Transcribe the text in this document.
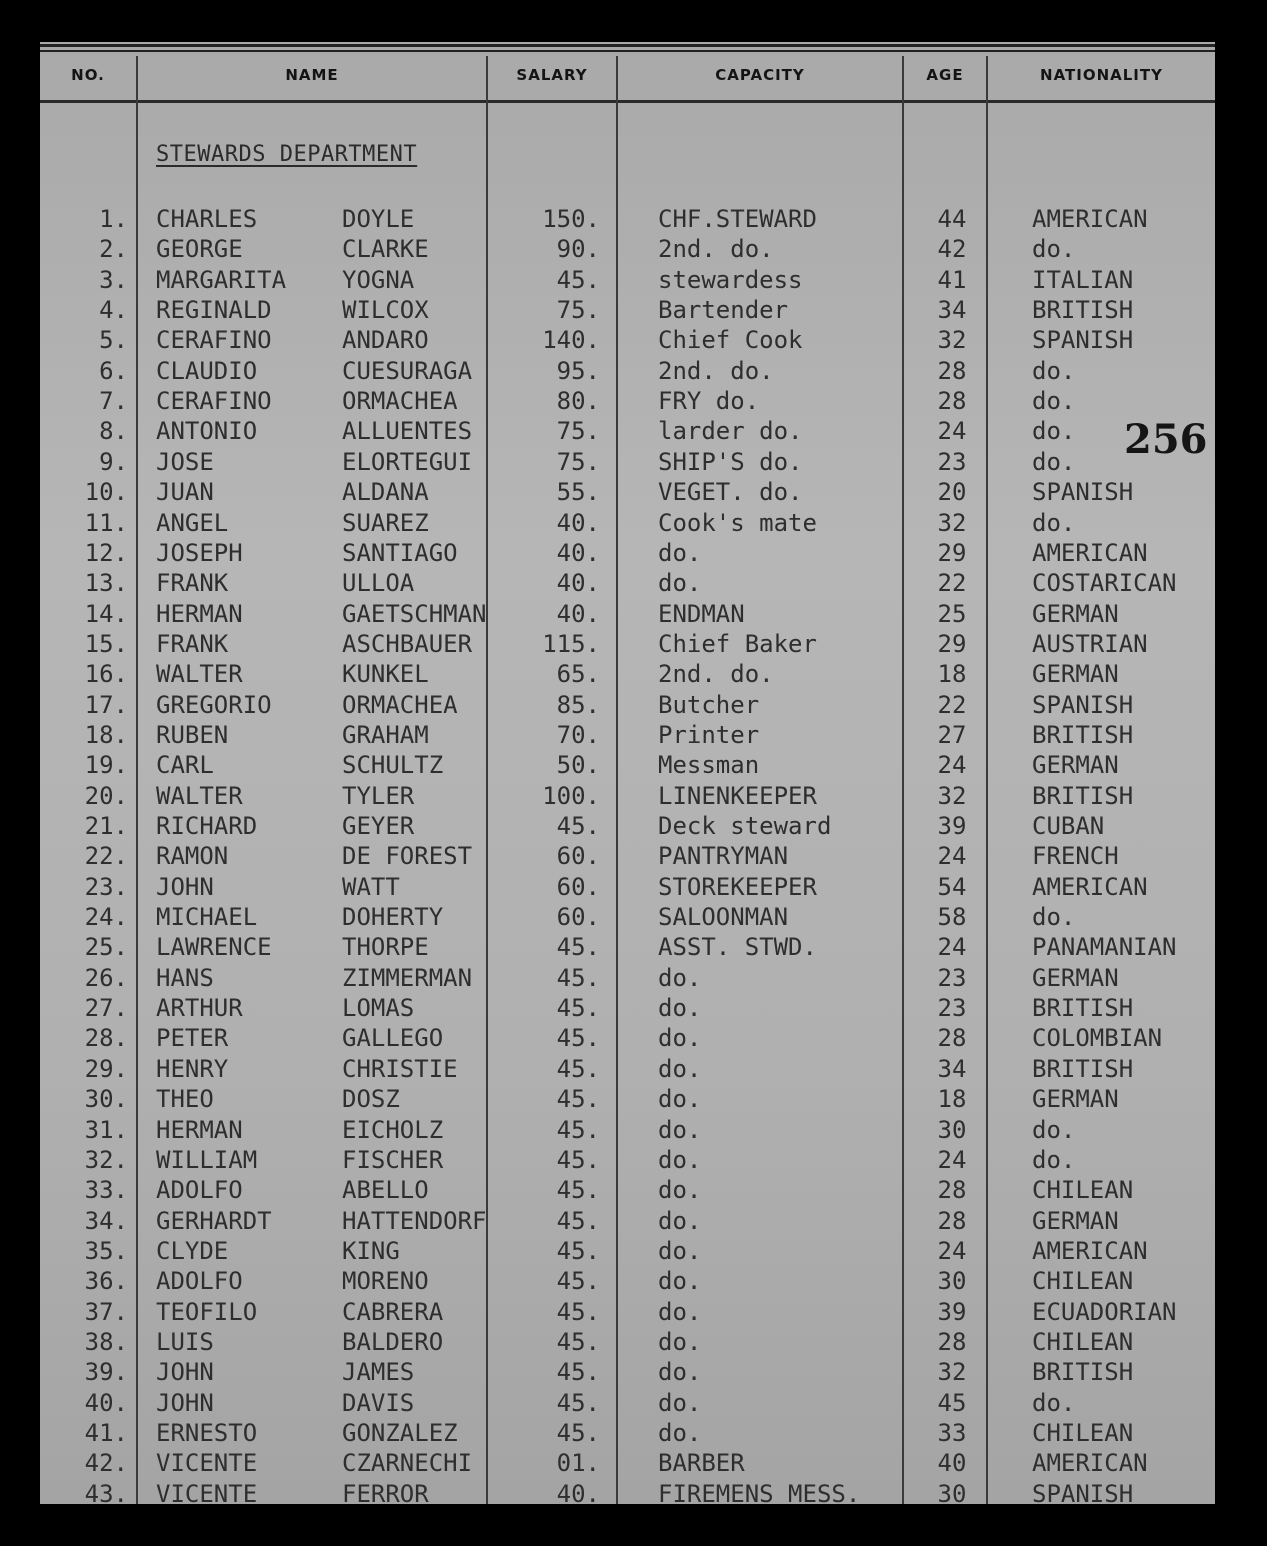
NO.	NAME	SALARY	CAPACITY	AGE	NATIONALITY
STEWARDS DEPARTMENT
256
1. CHARLES	DOYLE	150. CHF.STEWARD	44	AMERICAN
2. GEORGE	CLARKE	90. 2nd. do.	42	do.
3. MARGARITA YOGNA	45. stewardess	41	ITALIAN
4. REGINALD	WILCOX	75. Bartender	34	BRITISH
5. CERAFINO	ANDARO	140. Chief Cook	32	SPANISH
6. CLAUDIO	CUESURAGA	95. 2nd. do.	28	do.
7. CERAFINO	ORMACHEA	80. FRY do.	28	do.
8. ANTONIO	ALLUENTES	75. larder do.	24	do.
9. JOSE	ELORTEGUI	75. SHIP'S do.	23	do.
10. JUAN	ALDANA	55. VEGET. do.	20	SPANISH
11. ANGEL	SUAREZ	40. Cook's mate	32	do.
12. JOSEPH	SANTIAGO	40. do.	29	AMERICAN
13. FRANK	ULLOA	40. do.	22	COSTARICAN
14. HERMAN	GAETSCHMAN	40. ENDMAN	25	GERMAN
15. FRANK	ASCHBAUER	115. Chief Baker	29	AUSTRIAN
16. WALTER	KUNKEL	65. 2nd. do.	18	GERMAN
17. GREGORIO	ORMACHEA	85. Butcher	22	SPANISH
18. RUBEN	GRAHAM	70. Printer	27	BRITISH
19. CARL	SCHULTZ	50. Messman	24	GERMAN
20. WALTER	TYLER	100. LINENKEEPER	32	BRITISH
21. RICHARD	GEYER	45. Deck steward	39	CUBAN
22. RAMON	DE FOREST	60. PANTRYMAN	24	FRENCH
23. JOHN	WATT	60. STOREKEEPER	54	AMERICAN
24. MICHAEL	DOHERTY	60. SALOONMAN	58	do.
25. LAWRENCE	THORPE	45. ASST. STWD.	24	PANAMANIAN
26. HANS	ZIMMERMAN	45. do.	23	GERMAN
27. ARTHUR	LOMAS	45. do.	23	BRITISH
28. PETER	GALLEGO	45. do.	28	COLOMBIAN
29. HENRY	CHRISTIE	45. do.	34	BRITISH
30. THEO	DOSZ	45. do.	18	GERMAN
31. HERMAN	EICHOLZ	45. do.	30	do.
32. WILLIAM	FISCHER	45. do.	24	do.
33. ADOLFO	ABELLO	45. do.	28	CHILEAN
34. GERHARDT	HATTENDORF	45. do.	28	GERMAN
35. CLYDE	KING	45. do.	24	AMERICAN
36. ADOLFO	MORENO	45. do.	30	CHILEAN
37. TEOFILO	CABRERA	45. do.	39	ECUADORIAN
38. LUIS	BALDERO	45. do.	28	CHILEAN
39. JOHN	JAMES	45. do.	32	BRITISH
40. JOHN	DAVIS	45. do.	45	do.
41. ERNESTO	GONZALEZ	45. do.	33	CHILEAN
42. VICENTE	CZARNECHI	01. BARBER	40	AMERICAN
43. VICENTE	FERROR	40. FIREMENS MESS.	30	SPANISH
